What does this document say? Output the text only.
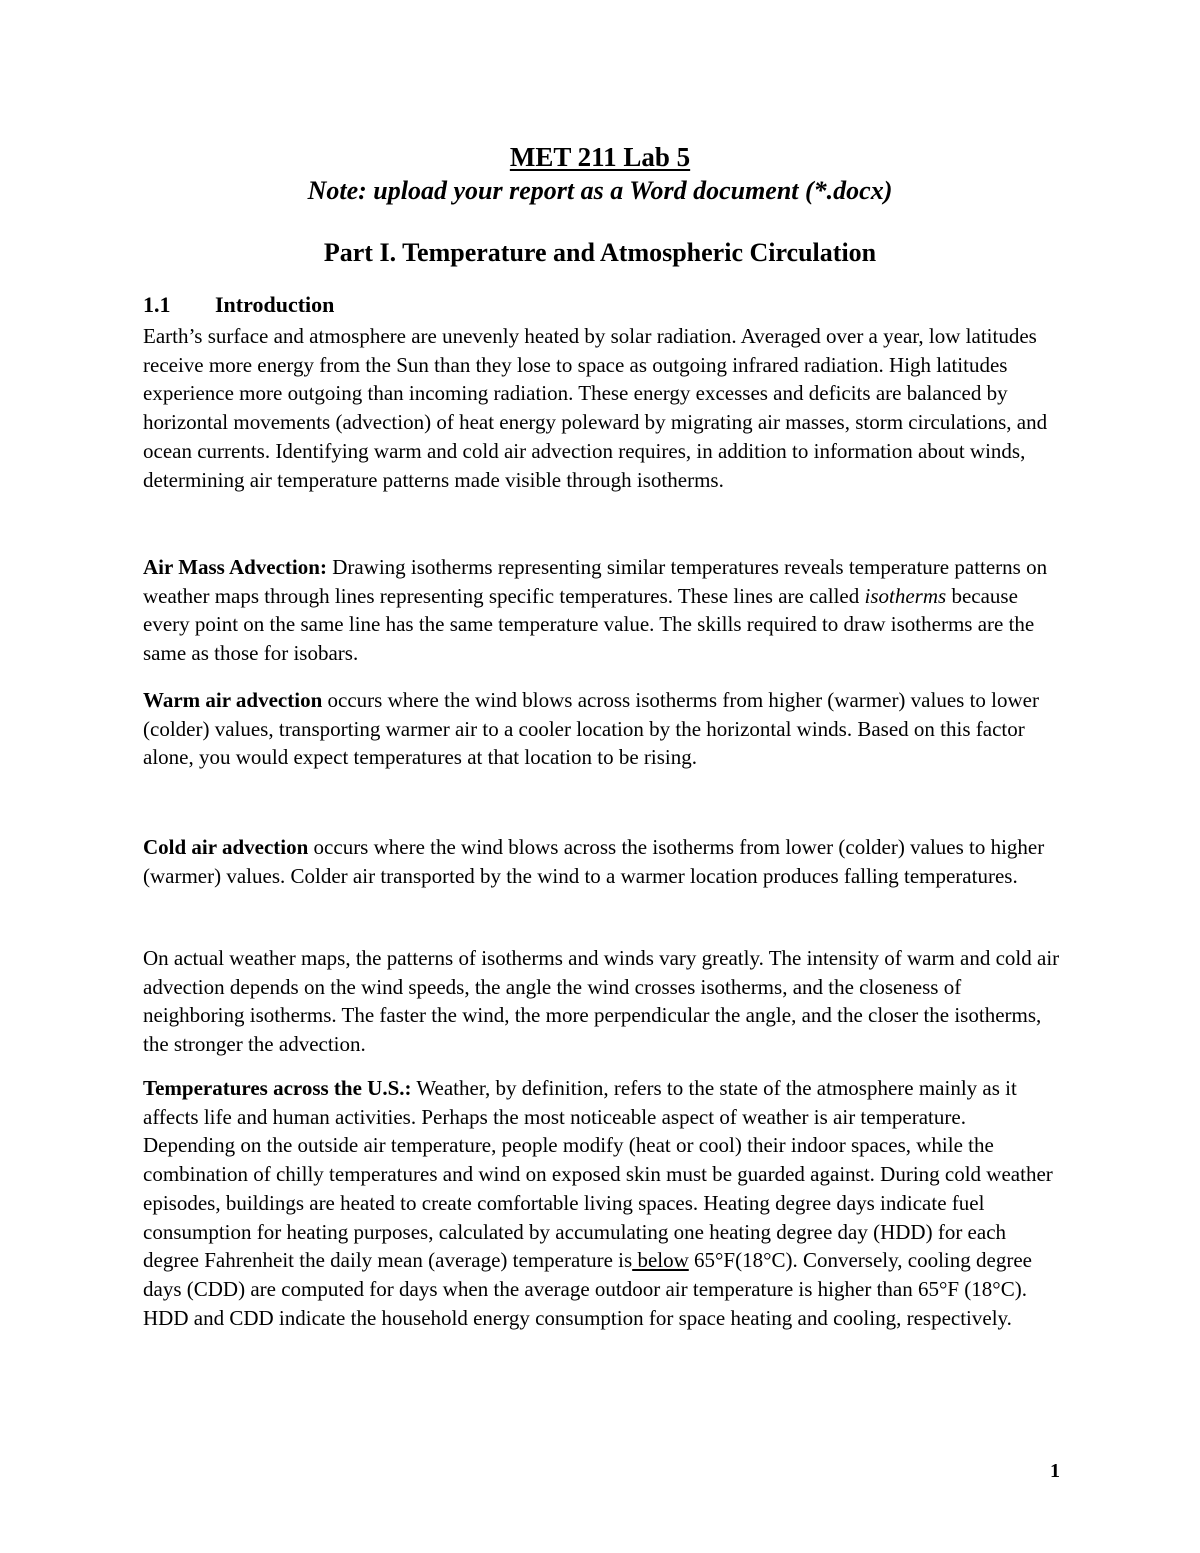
MET 211 Lab 5
Note: upload your report as a Word document (*.docx)
Part I. Temperature and Atmospheric Circulation
1.1 Introduction
Earth’s surface and atmosphere are unevenly heated by solar radiation. Averaged over a year, low latitudes receive more energy from the Sun than they lose to space as outgoing infrared radiation. High latitudes experience more outgoing than incoming radiation. These energy excesses and deficits are balanced by horizontal movements (advection) of heat energy poleward by migrating air masses, storm circulations, and ocean currents. Identifying warm and cold air advection requires, in addition to information about winds, determining air temperature patterns made visible through isotherms.
Air Mass Advection: Drawing isotherms representing similar temperatures reveals temperature patterns on weather maps through lines representing specific temperatures. These lines are called isotherms because every point on the same line has the same temperature value. The skills required to draw isotherms are the same as those for isobars.
Warm air advection occurs where the wind blows across isotherms from higher (warmer) values to lower (colder) values, transporting warmer air to a cooler location by the horizontal winds. Based on this factor alone, you would expect temperatures at that location to be rising.
Cold air advection occurs where the wind blows across the isotherms from lower (colder) values to higher (warmer) values. Colder air transported by the wind to a warmer location produces falling temperatures.
On actual weather maps, the patterns of isotherms and winds vary greatly. The intensity of warm and cold air advection depends on the wind speeds, the angle the wind crosses isotherms, and the closeness of neighboring isotherms. The faster the wind, the more perpendicular the angle, and the closer the isotherms, the stronger the advection.
Temperatures across the U.S.: Weather, by definition, refers to the state of the atmosphere mainly as it affects life and human activities. Perhaps the most noticeable aspect of weather is air temperature. Depending on the outside air temperature, people modify (heat or cool) their indoor spaces, while the combination of chilly temperatures and wind on exposed skin must be guarded against. During cold weather episodes, buildings are heated to create comfortable living spaces. Heating degree days indicate fuel consumption for heating purposes, calculated by accumulating one heating degree day (HDD) for each degree Fahrenheit the daily mean (average) temperature is below 65°F(18°C). Conversely, cooling degree days (CDD) are computed for days when the average outdoor air temperature is higher than 65°F (18°C). HDD and CDD indicate the household energy consumption for space heating and cooling, respectively.
1
